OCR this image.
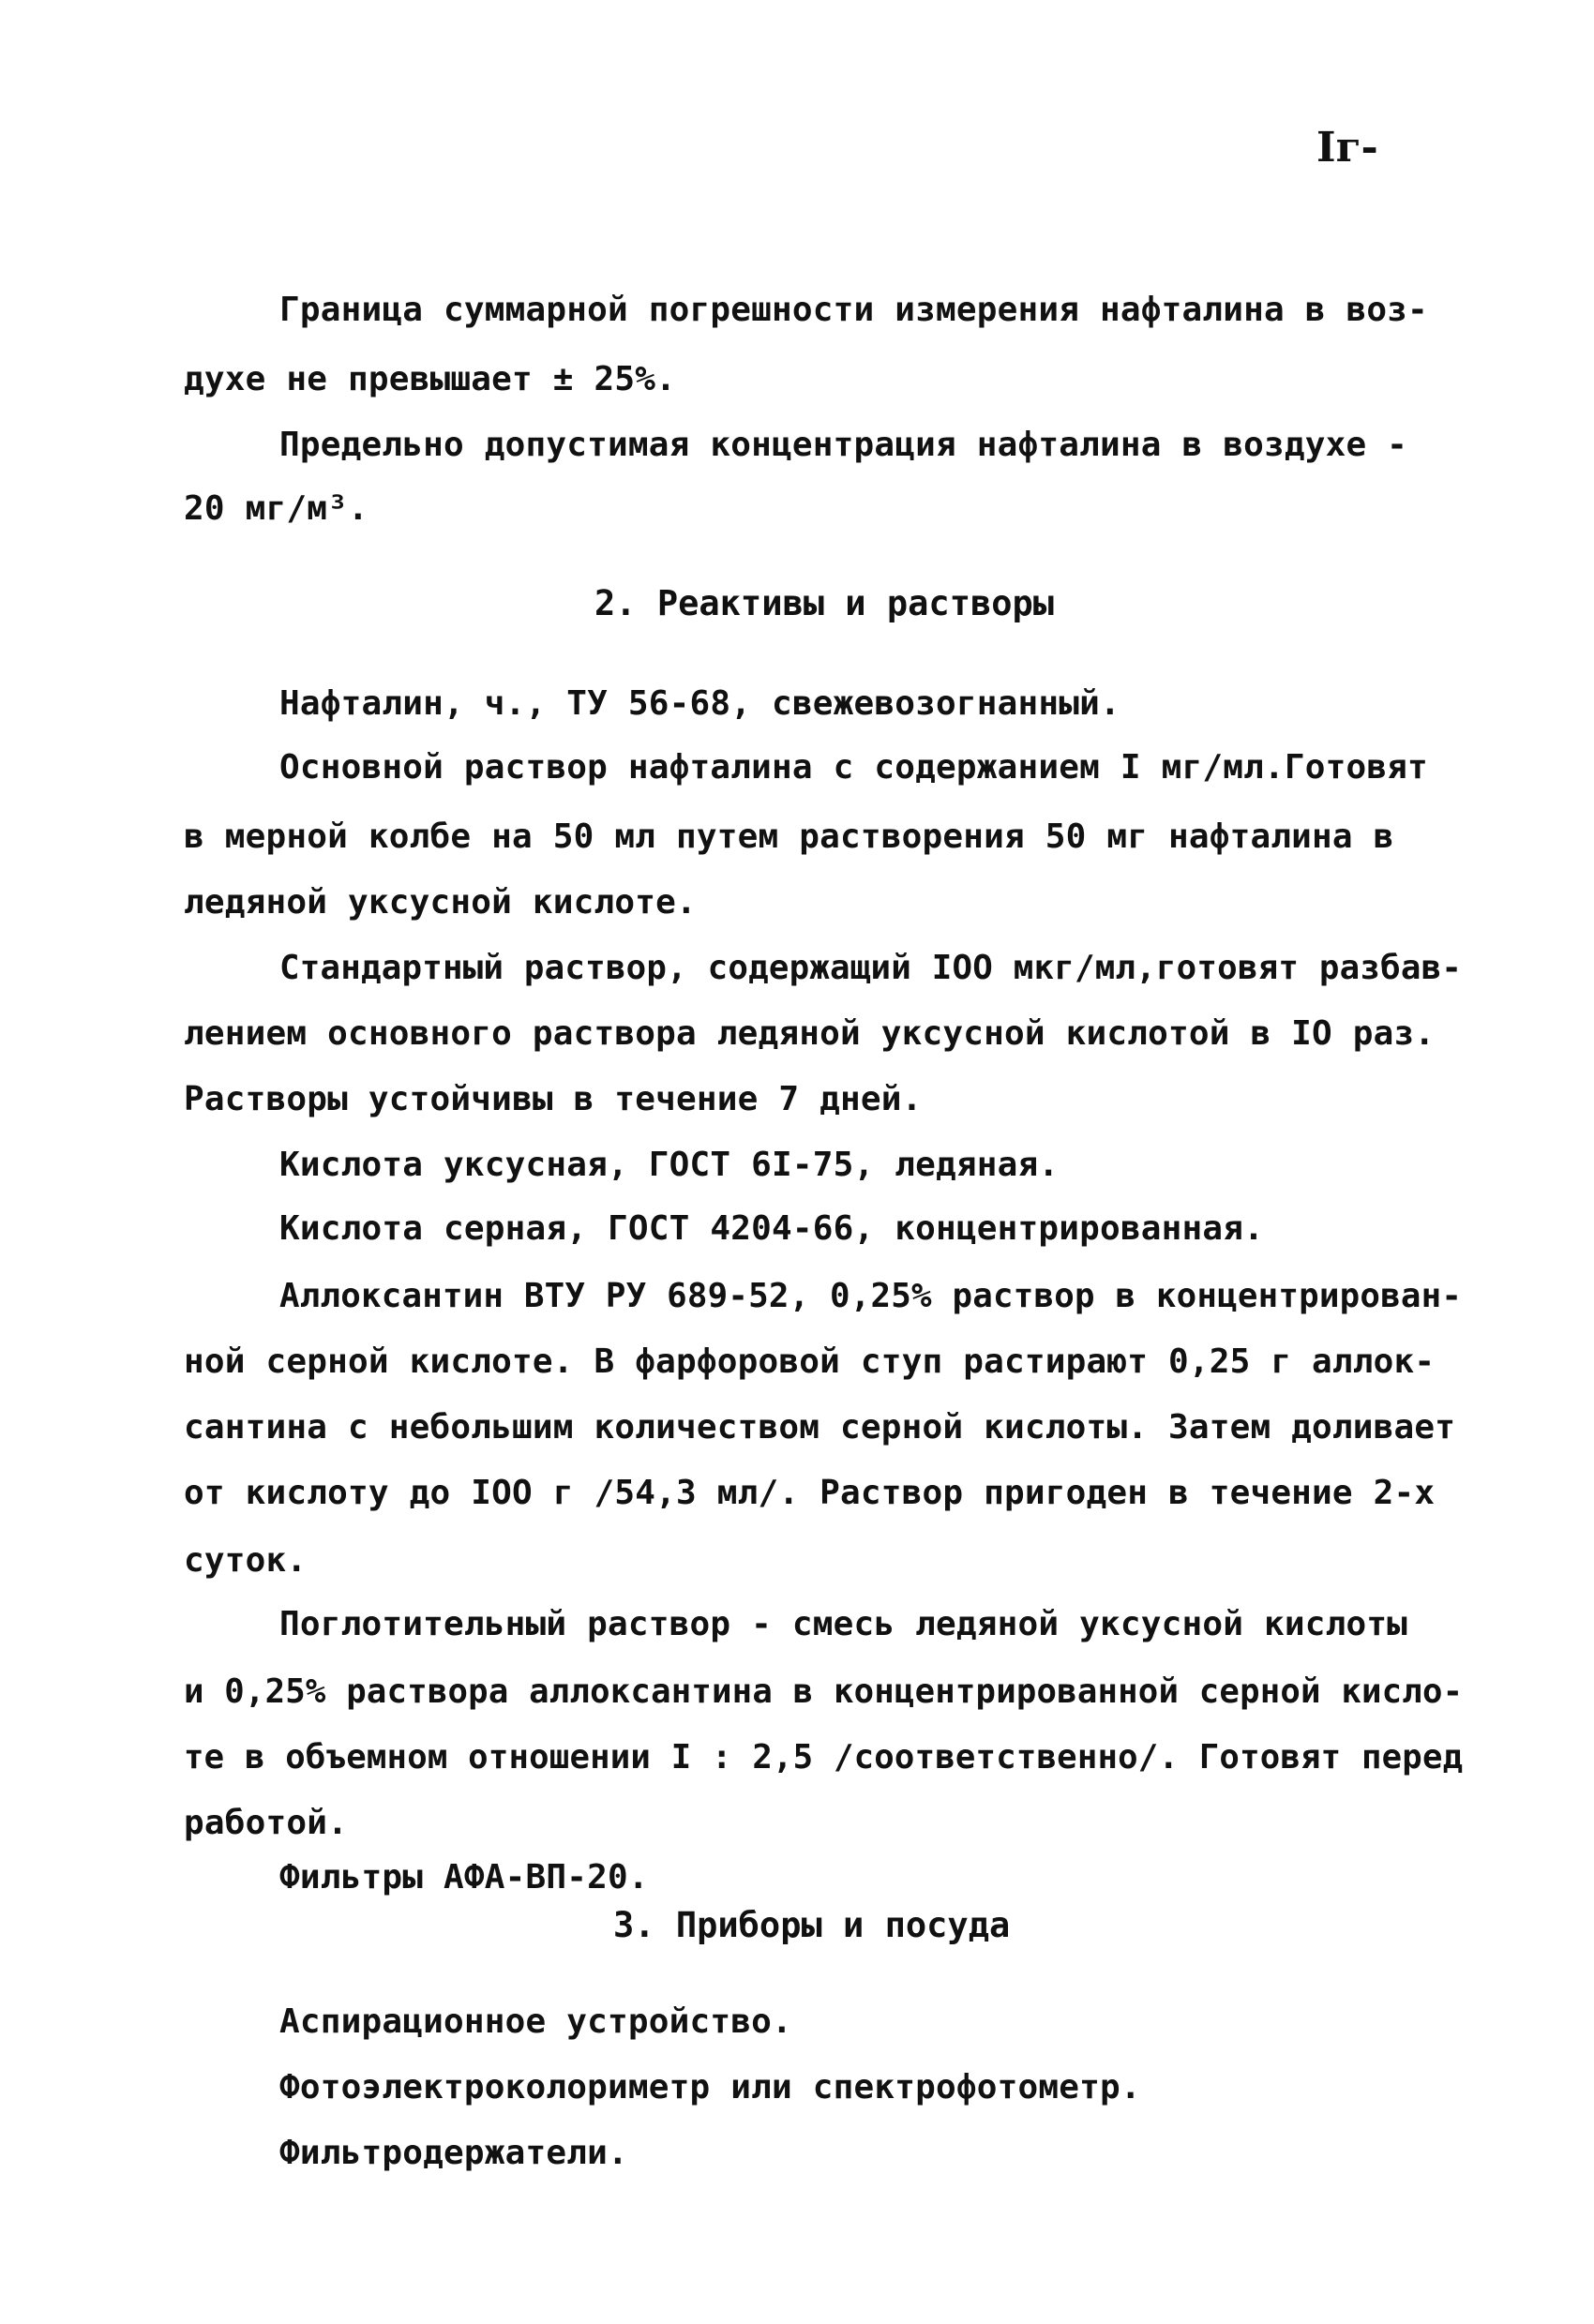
Iг-
Граница суммарной погрешности измерения нафталина в воз-
духе не превышает ± 25%.
Предельно допустимая концентрация нафталина в воздухе -
20 мг/м³.
2. Реактивы и растворы
Нафталин, ч., ТУ 56-68, свежевозогнанный.
Основной раствор нафталина с содержанием I мг/мл.Готовят
в мерной колбе на 50 мл путем растворения 50 мг нафталина в
ледяной уксусной кислоте.
Стандартный раствор, содержащий IOO мкг/мл,готовят разбав-
лением основного раствора ледяной уксусной кислотой в IO раз.
Растворы устойчивы в течение 7 дней.
Кислота уксусная, ГОСТ 6I-75, ледяная.
Кислота серная, ГОСТ 4204-66, концентрированная.
Аллоксантин ВТУ РУ 689-52, 0,25% раствор в концентрирован-
ной серной кислоте. В фарфоровой ступ растирают 0,25 г аллок-
сантина с небольшим количеством серной кислоты. Затем доливает
от кислоту до IOO г /54,3 мл/. Раствор пригоден в течение 2-х
суток.
Поглотительный раствор - смесь ледяной уксусной кислоты
и 0,25% раствора аллоксантина в концентрированной серной кисло-
те в объемном отношении I : 2,5 /соответственно/. Готовят перед
работой.
Фильтры АФА-ВП-20.
3. Приборы и посуда
Аспирационное устройство.
Фотоэлектроколориметр или спектрофотометр.
Фильтродержатели.
